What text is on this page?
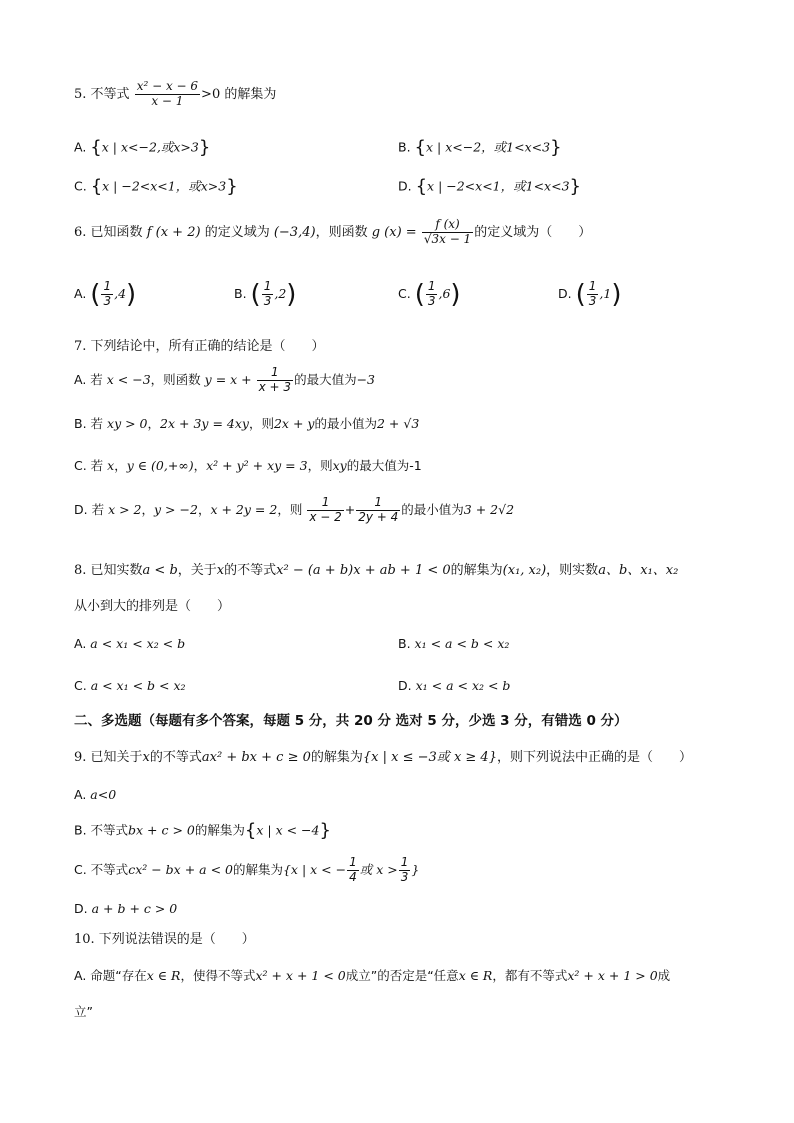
5. 不等式 $\frac{\text{x² − x − 6}}{x - 1} >0$ 的解集为
A. {x | x<−2,或x>3}	B. {x | x<−2，或1<x<3}
C. {x | −2<x<1，或x>3}	D. {x | −2<x<1，或1<x<3}
6. 已知函数 f (x + 2) 的定义域为 (−3,4)，则函数 g $(x) = \frac{f (x)}{√3x - 1}$ 的定义域为（　　）
A. ( $\frac{1}{3} ,4$)	B. ( $\frac{1}{3} ,2$)	C. ( $\frac{1}{3} ,6$)	D. ( $\frac{1}{3} ,1$)
7. 下列结论中，所有正确的结论是（　　）
A. 若 x < −3，则函数 $y = x + \frac{1}{x + 3}$ 的最大值为−3
B. 若 xy > 0，2x + 3y = 4xy，则2x + y的最小值为2 + √3
C. 若 x，y ∈ (0,+∞)，x² + y² + xy = 3，则xy的最大值为-1
D. 若 x > 2，y > −2，x + 2y = 2，则 $\frac{1}{x - 2} + \frac{1}{2y + 4}$ 的最小值为3 + 2√2
8. 已知实数a < b，关于x的不等式x² − (a + b)x + ab + 1 < 0的解集为(x₁, x₂)，则实数a、b、x₁、x₂
从小到大的排列是（　　）
A. a < x₁ < x₂ < b	B. x₁ < a < b < x₂
C. a < x₁ < b < x₂	D. x₁ < a < x₂ < b
二、多选题（每题有多个答案，每题 5 分，共 20 分 选对 5 分，少选 3 分，有错选 0 分）
9. 已知关于x的不等式ax² + bx + c ≥ 0的解集为{x | x ≤ −3或 x ≥ 4}，则下列说法中正确的是（　　）
A. a<0
B. 不等式bx + c > 0的解集为{x | x < −4}
C. 不等式cx² − bx + a < 0的解集为{x | x < − $\frac{1}{4}$ 或 $x > \frac{1}{3}$ }
D. a + b + c > 0
10. 下列说法错误的是（　　）
A. 命题“存在x ∈ R，使得不等式x² + x + 1 < 0成立”的否定是“任意x ∈ R，都有不等式x² + x + 1 > 0成
立”
